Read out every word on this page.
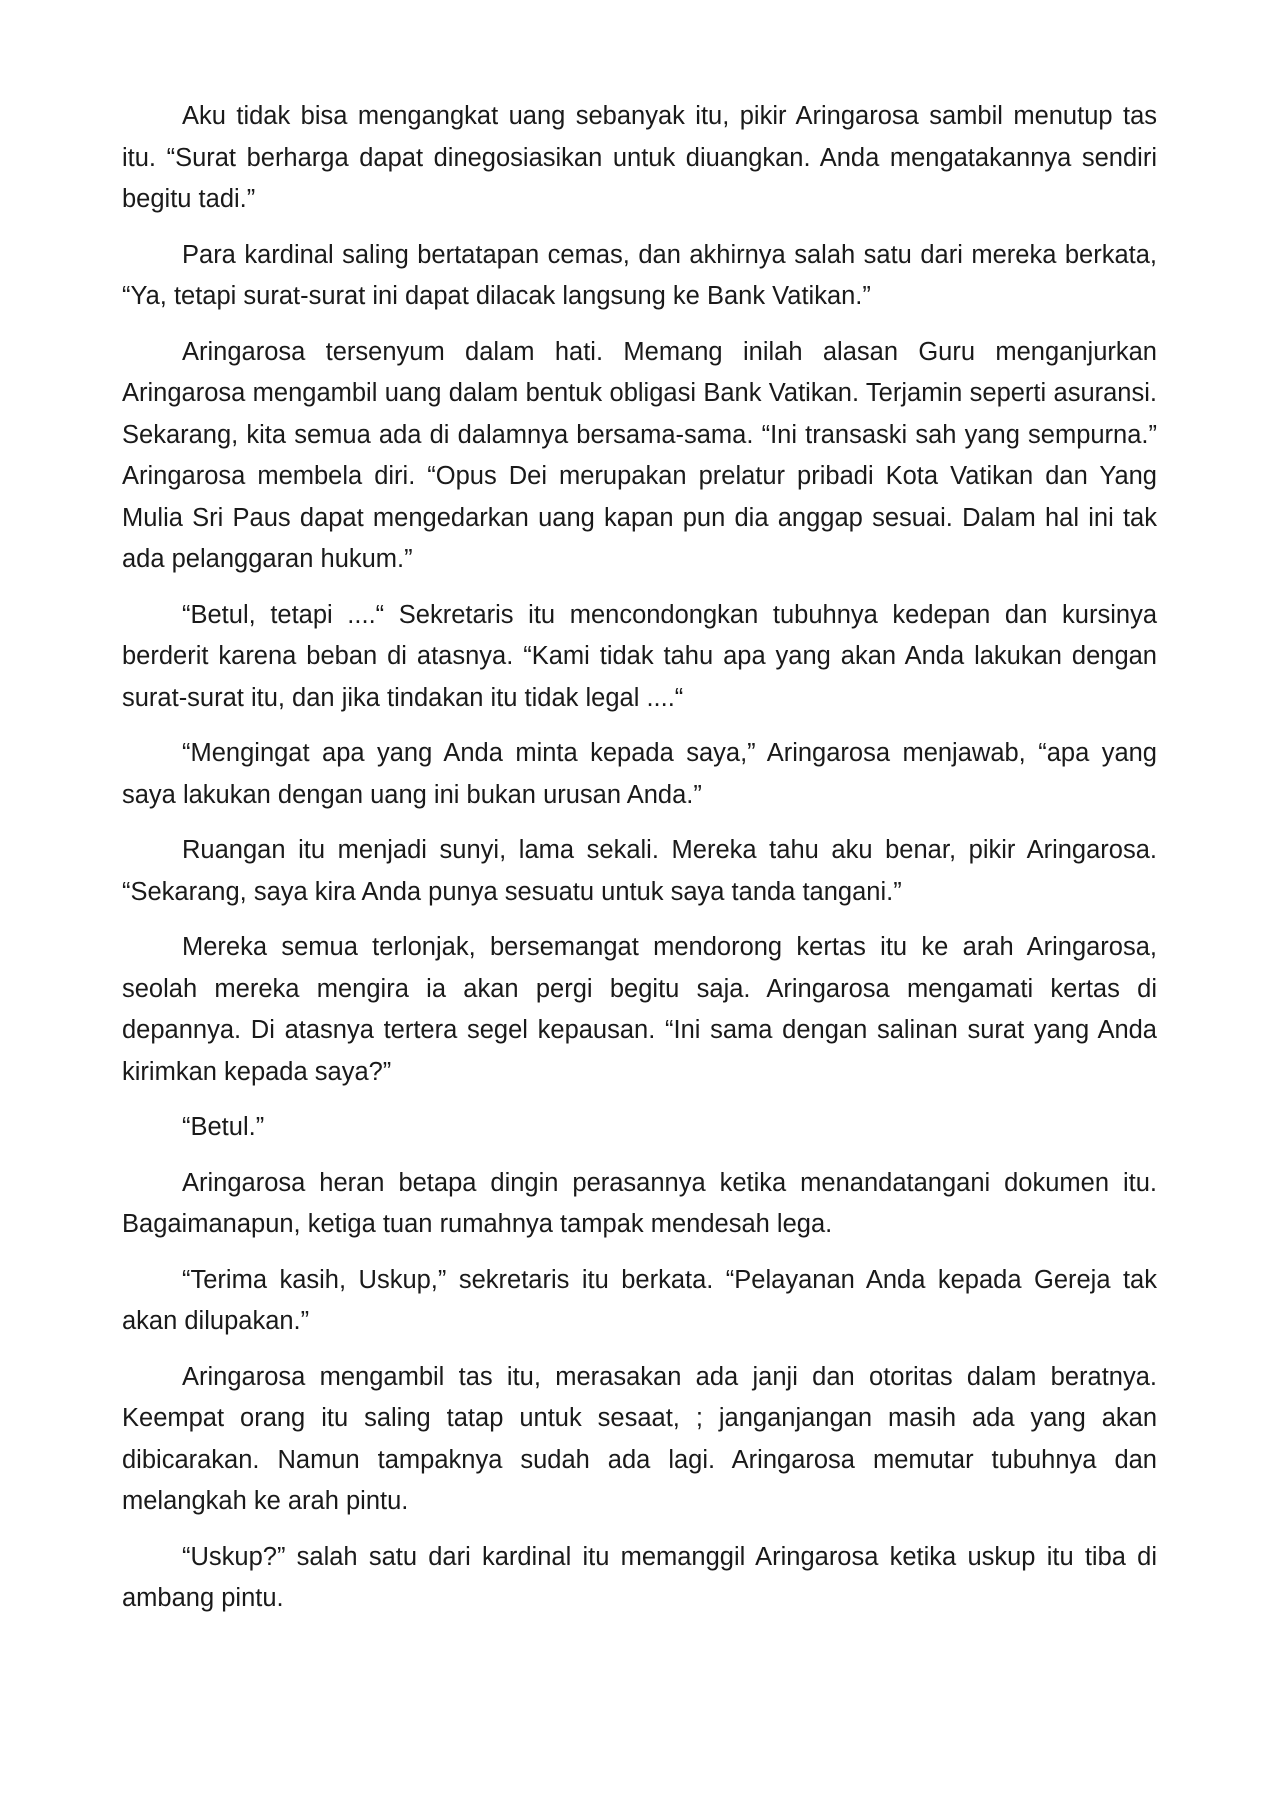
Aku tidak bisa mengangkat uang sebanyak itu, pikir Aringarosa sambil menutup tas itu. “Surat berharga dapat dinegosiasikan untuk diuangkan. Anda mengatakannya sendiri begitu tadi.”

Para kardinal saling bertatapan cemas, dan akhirnya salah satu dari mereka berkata, “Ya, tetapi surat-surat ini dapat dilacak langsung ke Bank Vatikan.”

Aringarosa tersenyum dalam hati. Memang inilah alasan Guru menganjurkan Aringarosa mengambil uang dalam bentuk obligasi Bank Vatikan. Terjamin seperti asuransi. Sekarang, kita semua ada di dalamnya bersama-sama. “Ini transaski sah yang sempurna.” Aringarosa membela diri. “Opus Dei merupakan prelatur pribadi Kota Vatikan dan Yang Mulia Sri Paus dapat mengedarkan uang kapan pun dia anggap sesuai. Dalam hal ini tak ada pelanggaran hukum.”

“Betul, tetapi ....“ Sekretaris itu mencondongkan tubuhnya kedepan dan kursinya berderit karena beban di atasnya. “Kami tidak tahu apa yang akan Anda lakukan dengan surat-surat itu, dan jika tindakan itu tidak legal ....“

“Mengingat apa yang Anda minta kepada saya,” Aringarosa menjawab, “apa yang saya lakukan dengan uang ini bukan urusan Anda.”

Ruangan itu menjadi sunyi, lama sekali. Mereka tahu aku benar, pikir Aringarosa. “Sekarang, saya kira Anda punya sesuatu untuk saya tanda tangani.”

Mereka semua terlonjak, bersemangat mendorong kertas itu ke arah Aringarosa, seolah mereka mengira ia akan pergi begitu saja. Aringarosa mengamati kertas di depannya. Di atasnya tertera segel kepausan. “Ini sama dengan salinan surat yang Anda kirimkan kepada saya?”

“Betul.”

Aringarosa heran betapa dingin perasannya ketika menandatangani dokumen itu. Bagaimanapun, ketiga tuan rumahnya tampak mendesah lega.

“Terima kasih, Uskup,” sekretaris itu berkata. “Pelayanan Anda kepada Gereja tak akan dilupakan.”

Aringarosa mengambil tas itu, merasakan ada janji dan otoritas dalam beratnya. Keempat orang itu saling tatap untuk sesaat, ; janganjangan masih ada yang akan dibicarakan. Namun tampaknya sudah ada lagi. Aringarosa memutar tubuhnya dan melangkah ke arah pintu.

“Uskup?” salah satu dari kardinal itu memanggil Aringarosa ketika uskup itu tiba di ambang pintu.
